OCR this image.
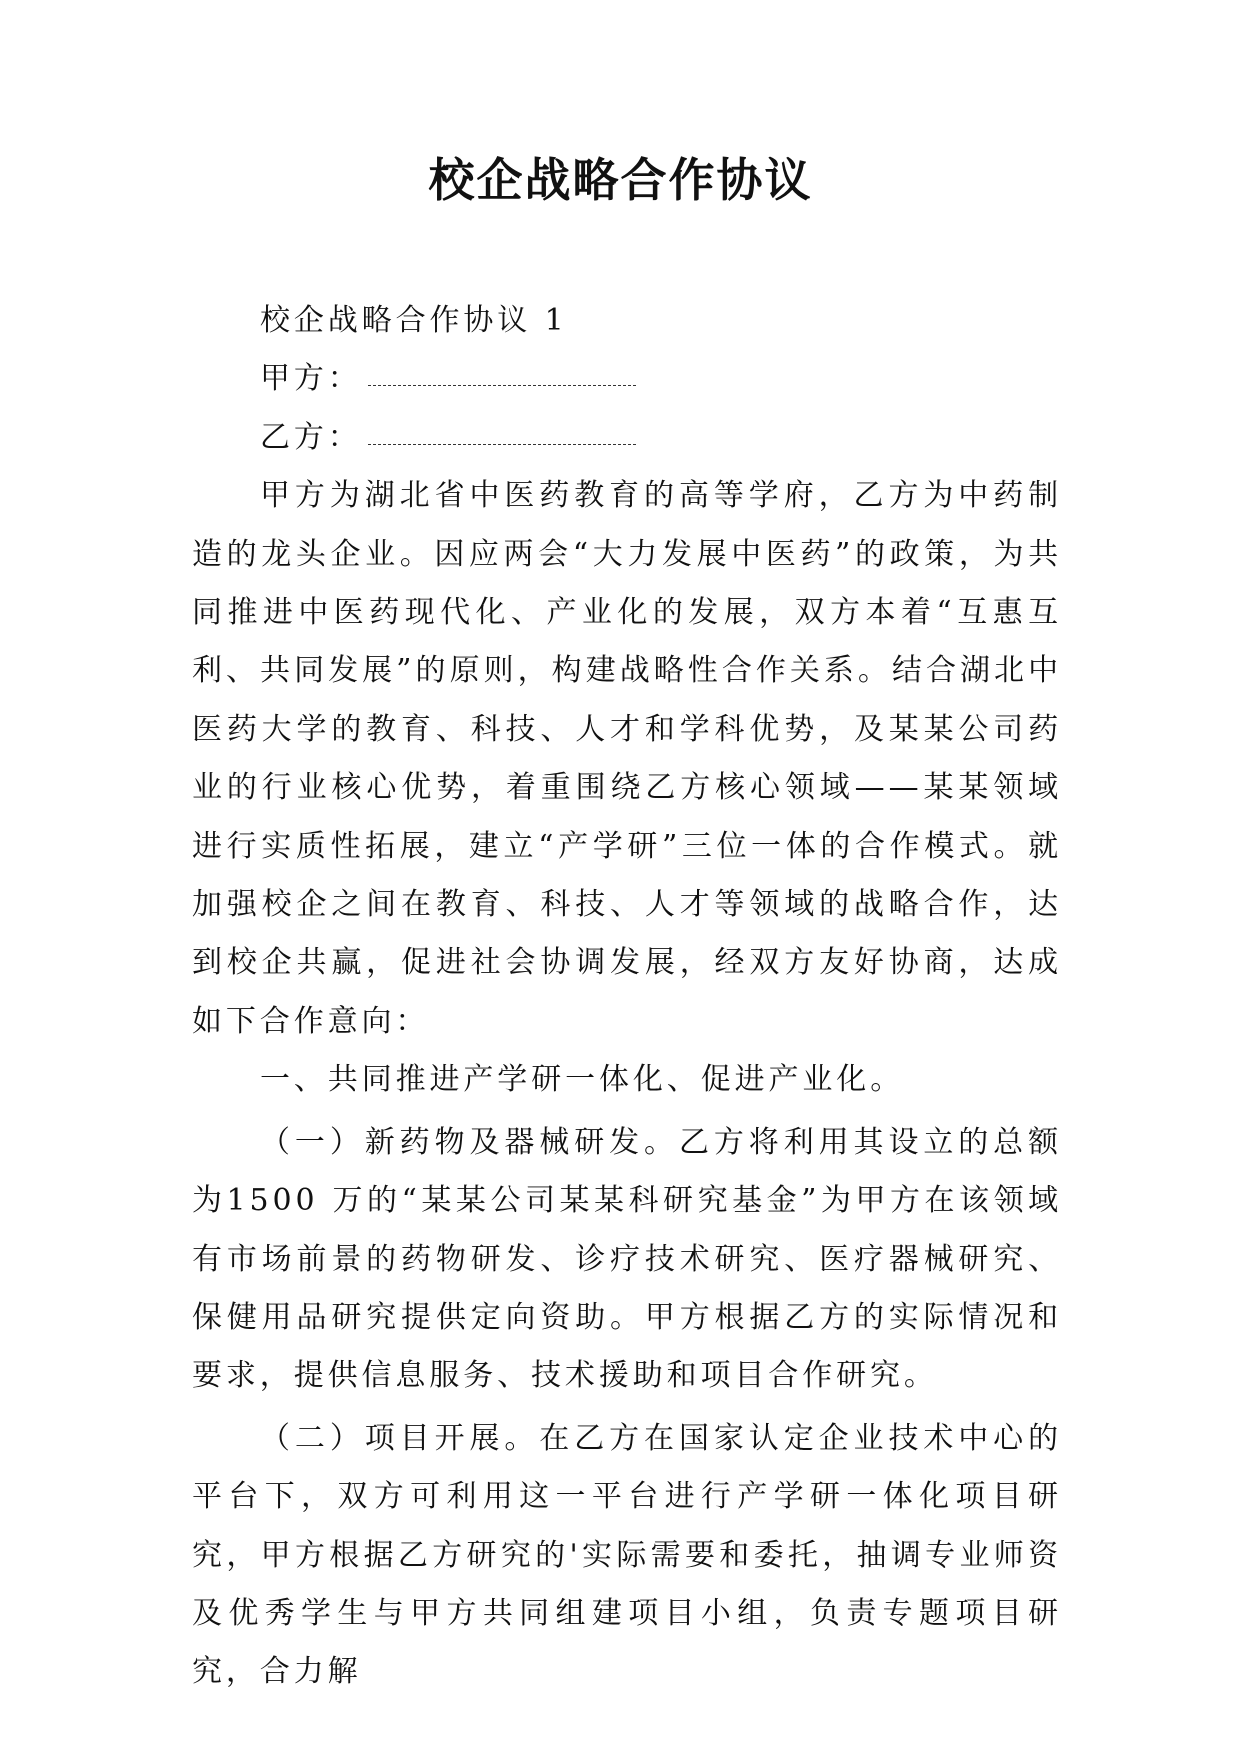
校企战略合作协议

校企战略合作协议 1

甲方：

乙方：

甲方为湖北省中医药教育的高等学府，乙方为中药制造的龙头企业。因应两会“大力发展中医药”的政策，为共同推进中医药现代化、产业化的发展，双方本着“互惠互利、共同发展”的原则，构建战略性合作关系。结合湖北中医药大学的教育、科技、人才和学科优势，及某某公司药业的行业核心优势，着重围绕乙方核心领域——某某领域进行实质性拓展，建立“产学研”三位一体的合作模式。就加强校企之间在教育、科技、人才等领域的战略合作，达到校企共赢，促进社会协调发展，经双方友好协商，达成如下合作意向：

一、共同推进产学研一体化、促进产业化。

（一）新药物及器械研发。乙方将利用其设立的总额为1500 万的“某某公司某某科研究基金”为甲方在该领域有市场前景的药物研发、诊疗技术研究、医疗器械研究、保健用品研究提供定向资助。甲方根据乙方的实际情况和要求，提供信息服务、技术援助和项目合作研究。

（二）项目开展。在乙方在国家认定企业技术中心的平台下，双方可利用这一平台进行产学研一体化项目研究，甲方根据乙方研究的'实际需要和委托，抽调专业师资及优秀学生与甲方共同组建项目小组，负责专题项目研究，合力解
